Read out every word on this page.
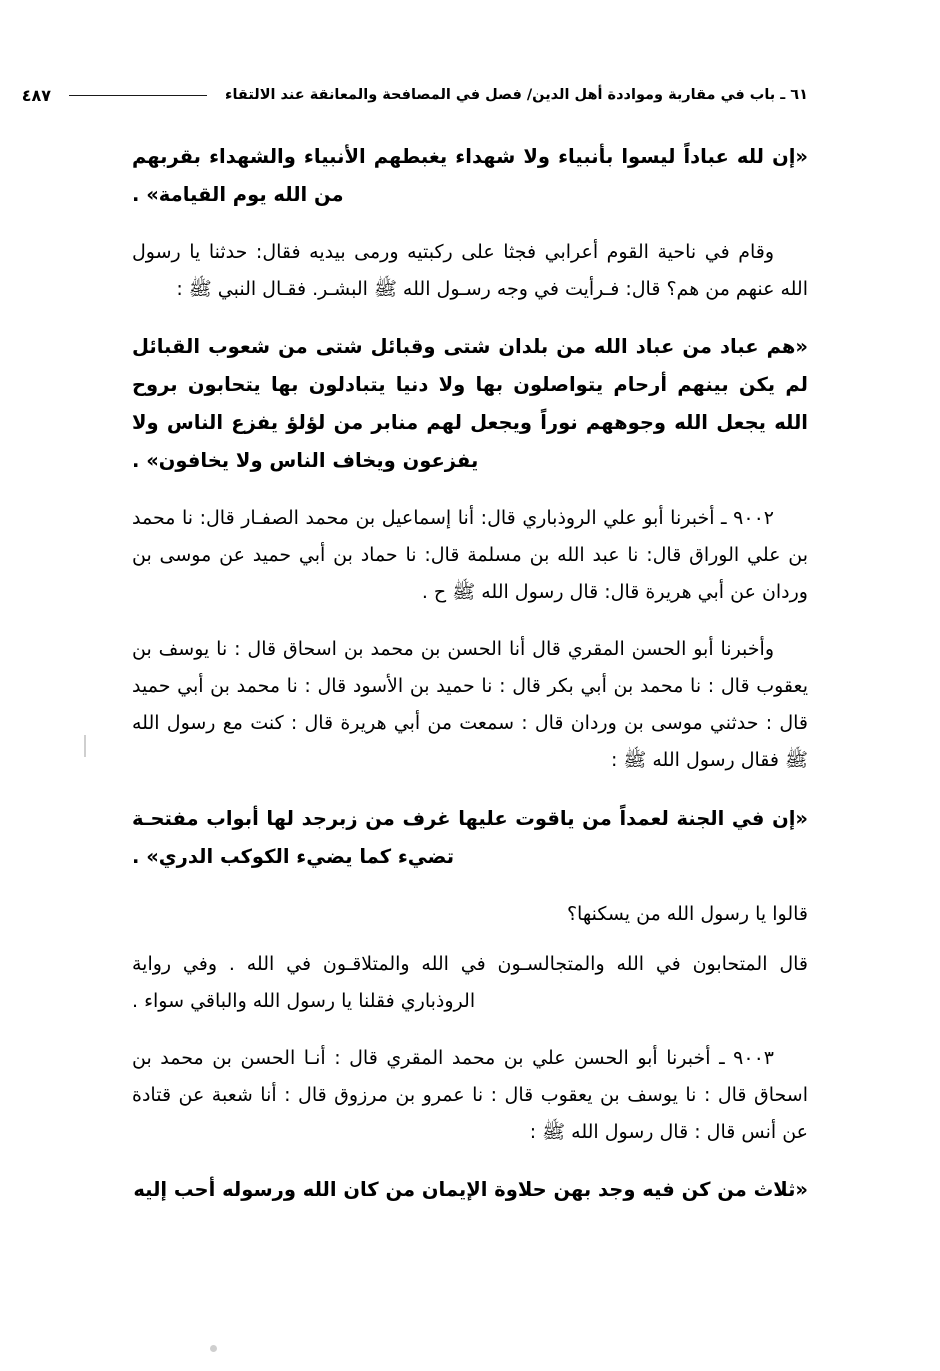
٦١ ـ باب في مقاربة ومواددة أهل الدين/ فصل في المصافحة والمعانقة عند الالتقاء
٤٨٧

«إن لله عباداً ليسوا بأنبياء ولا شهداء يغبطهم الأنبياء والشهداء بقربهم من الله يوم القيامة» .

وقام في ناحية القوم أعرابي فجثا على ركبتيه ورمى بيديه فقال: حدثنا يا رسول الله عنهم من هم؟ قال: فـرأيت في وجه رسـول الله ﷺ البشـر. فقـال النبي ﷺ :

«هم عباد من عباد الله من بلدان شتى وقبائل شتى من شعوب القبائل لم يكن بينهم أرحام يتواصلون بها ولا دنيا يتبادلون بها يتحابون بروح الله يجعل الله وجوههم نوراً ويجعل لهم منابر من لؤلؤ يفزع الناس ولا يفزعون ويخاف الناس ولا يخافون» .

٩٠٠٢ ـ أخبرنا أبو علي الروذباري قال: أنا إسماعيل بن محمد الصفـار قال: نا محمد بن علي الوراق قال: نا عبد الله بن مسلمة قال: نا حماد بن أبي حميد عن موسى بن وردان عن أبي هريرة قال: قال رسول الله ﷺ ح .

وأخبرنا أبو الحسن المقري قال أنا الحسن بن محمد بن اسحاق قال : نا يوسف بن يعقوب قال : نا محمد بن أبي بكر قال : نا حميد بن الأسود قال : نا محمد بن أبي حميد قال : حدثني موسى بن وردان قال : سمعت من أبي هريرة قال : كنت مع رسول الله ﷺ فقال رسول الله ﷺ :

«إن في الجنة لعمداً من ياقوت عليها غرف من زبرجد لها أبواب مفتحـة تضيء كما يضيء الكوكب الدري» .

قالوا يا رسول الله من يسكنها؟

قال المتحابون في الله والمتجالسـون في الله والمتلاقـون في الله . وفي رواية الروذباري فقلنا يا رسول الله والباقي سواء .

٩٠٠٣ ـ أخبرنا أبو الحسن علي بن محمد المقري قال : أنـا الحسن بن محمد بن اسحاق قال : نا يوسف بن يعقوب قال : نا عمرو بن مرزوق قال : أنا شعبة عن قتادة عن أنس قال : قال رسول الله ﷺ :

«ثلاث من كن فيه وجد بهن حلاوة الإيمان من كان الله ورسوله أحب إليه
